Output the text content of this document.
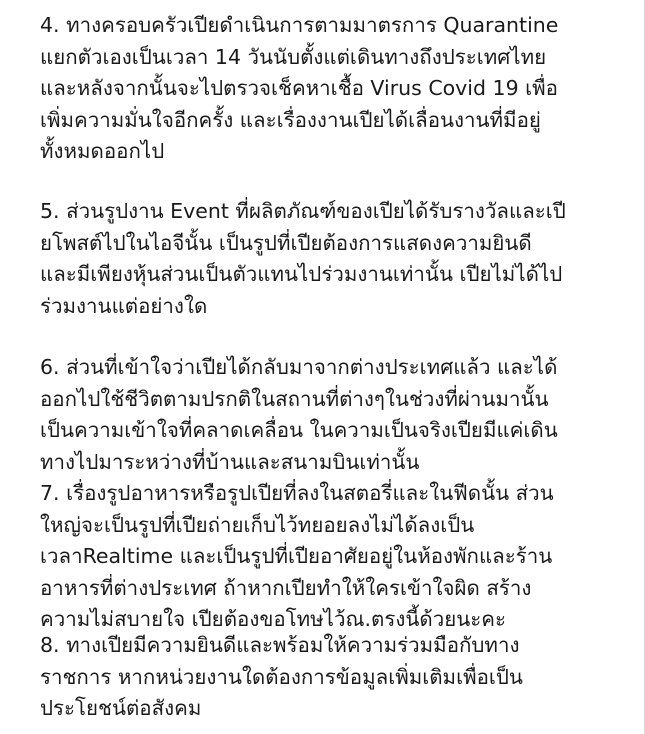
4. ทางครอบครัวเปียดำเนินการตามมาตรการ Quarantine
แยกตัวเองเป็นเวลา 14 วันนับตั้งแต่เดินทางถึงประเทศไทย
และหลังจากนั้นจะไปตรวจเช็คหาเชื้อ Virus Covid 19 เพื่อ
เพิ่มความมั่นใจอีกครั้ง และเรื่องงานเปียได้เลื่อนงานที่มีอยู่
ทั้งหมดออกไป

5. ส่วนรูปงาน Event ที่ผลิตภัณฑ์ของเปียได้รับรางวัลและเปี
ยโพสต์ไปในไอจีนั้น เป็นรูปที่เปียต้องการแสดงความยินดี
และมีเพียงหุ้นส่วนเป็นตัวแทนไปร่วมงานเท่านั้น เปียไม่ได้ไป
ร่วมงานแต่อย่างใด

6. ส่วนที่เข้าใจว่าเปียได้กลับมาจากต่างประเทศแล้ว และได้
ออกไปใช้ชีวิตตามปรกติในสถานที่ต่างๆในช่วงที่ผ่านมานั้น
เป็นความเข้าใจที่คลาดเคลื่อน ในความเป็นจริงเปียมีแค่เดิน
ทางไปมาระหว่างที่บ้านและสนามบินเท่านั้น

7. เรื่องรูปอาหารหรือรูปเปียที่ลงในสตอรี่และในฟีดนั้น ส่วน
ใหญ่จะเป็นรูปที่เปียถ่ายเก็บไว้ทยอยลงไม่ได้ลงเป็น
เวลาRealtime และเป็นรูปที่เปียอาศัยอยู่ในห้องพักและร้าน
อาหารที่ต่างประเทศ ถ้าหากเปียทำให้ใครเข้าใจผิด สร้าง
ความไม่สบายใจ เปียต้องขอโทษไว้ณ.ตรงนี้ด้วยนะคะ

8. ทางเปียมีความยินดีและพร้อมให้ความร่วมมือกับทาง
ราชการ หากหน่วยงานใดต้องการข้อมูลเพิ่มเติมเพื่อเป็น
ประโยชน์ต่อสังคม
